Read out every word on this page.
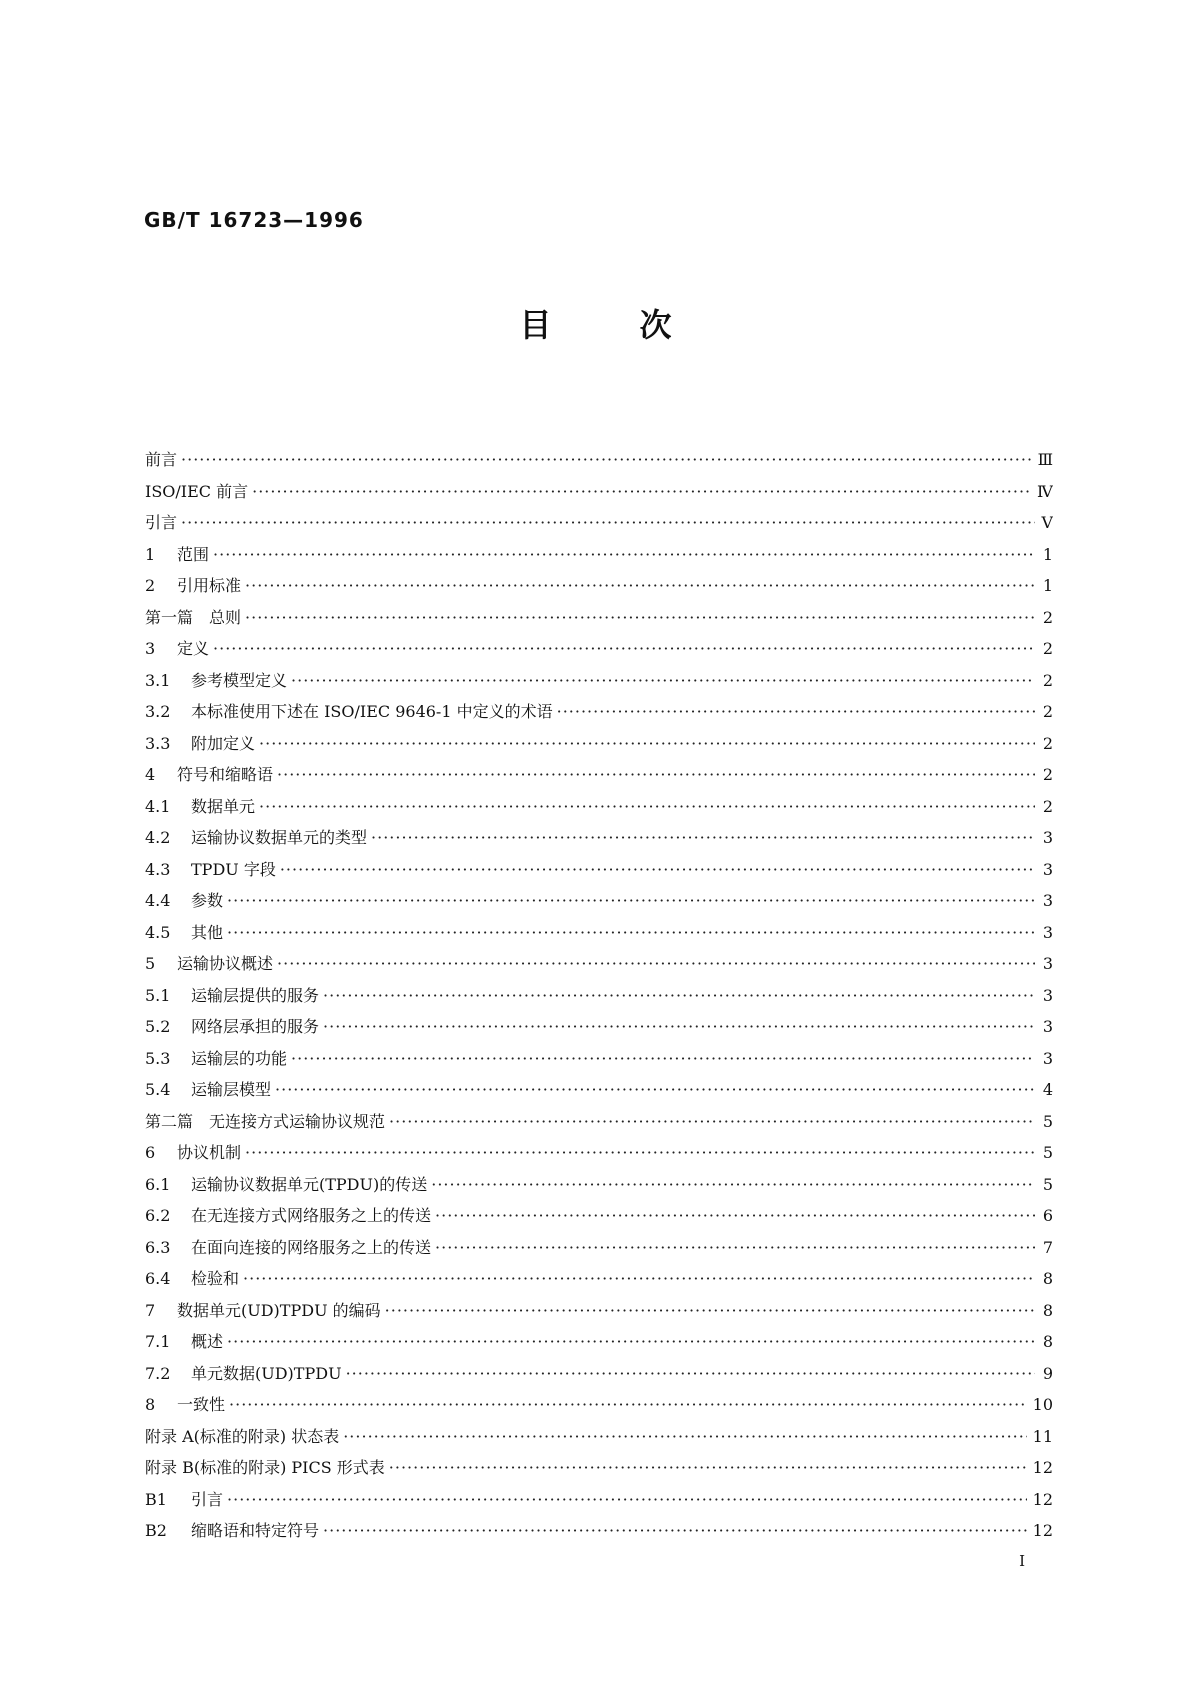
GB/T 16723—1996
目	次
前言 ·····	Ⅲ
ISO/IEC 前言 ·····	Ⅳ
引言 ·····	Ⅴ
1 范围 ·····	1
2 引用标准 ·····	1
第一篇　总则 ·····	2
3 定义 ·····	2
3.1 参考模型定义 ·····	2
3.2 本标准使用下述在 ISO/IEC 9646-1 中定义的术语 ·····	2
3.3 附加定义 ·····	2
4 符号和缩略语 ·····	2
4.1 数据单元 ·····	2
4.2 运输协议数据单元的类型 ·····	3
4.3 TPDU 字段 ·····	3
4.4 参数 ·····	3
4.5 其他 ·····	3
5 运输协议概述 ·····	3
5.1 运输层提供的服务 ·····	3
5.2 网络层承担的服务 ·····	3
5.3 运输层的功能 ·····	3
5.4 运输层模型 ·····	4
第二篇　无连接方式运输协议规范 ·····	5
6 协议机制 ·····	5
6.1 运输协议数据单元(TPDU)的传送 ·····	5
6.2 在无连接方式网络服务之上的传送 ·····	6
6.3 在面向连接的网络服务之上的传送 ·····	7
6.4 检验和 ·····	8
7 数据单元(UD)TPDU 的编码 ·····	8
7.1 概述 ·····	8
7.2 单元数据(UD)TPDU ·····	9
8 一致性 ·····	10
附录 A(标准的附录) 状态表 ·····	11
附录 B(标准的附录) PICS 形式表 ·····	12
B1 引言 ·····	12
B2 缩略语和特定符号 ·····	12
I
